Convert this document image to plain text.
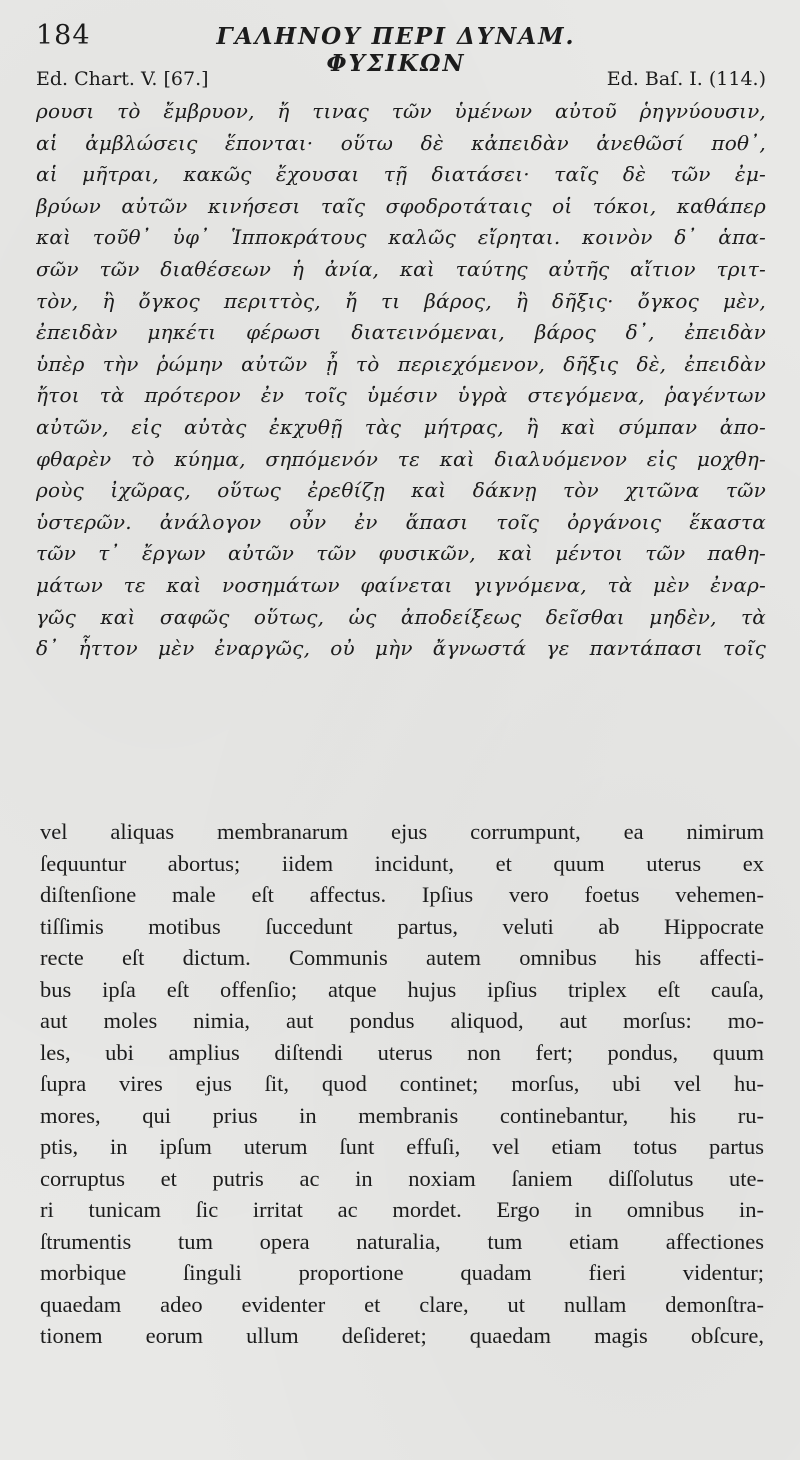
184	ΓΑΛΗΝΟΥ ΠΕΡΙ ΔΥΝΑΜ. ΦΥΣΙΚΩΝ
Ed. Chart. V. [67.]	Ed. Baſ. I. (114.)
ρουσι τὸ ἔμβρυον, ἤ τινας τῶν ὑμένων αὐτοῦ ῥηγνύουσιν,
αἱ ἀμβλώσεις ἕπονται· οὕτω δὲ κἀπειδὰν ἀνεθῶσί ποθ᾽,
αἱ μῆτραι, κακῶς ἔχουσαι τῇ διατάσει· ταῖς δὲ τῶν ἐμ-
βρύων αὐτῶν κινήσεσι ταῖς σφοδροτάταις οἱ τόκοι, καθάπερ
καὶ τοῦθ᾽ ὑφ᾽ Ἱπποκράτους καλῶς εἴρηται. κοινὸν δ᾽ ἁπα-
σῶν τῶν διαθέσεων ἡ ἀνία, καὶ ταύτης αὐτῆς αἴτιον τριτ-
τὸν, ἢ ὄγκος περιττὸς, ἤ τι βάρος, ἢ δῆξις· ὄγκος μὲν,
ἐπειδὰν μηκέτι φέρωσι διατεινόμεναι, βάρος δ᾽, ἐπειδὰν
ὑπὲρ τὴν ῥώμην αὐτῶν ᾖ τὸ περιεχόμενον, δῆξις δὲ, ἐπειδὰν
ἤτοι τὰ πρότερον ἐν τοῖς ὑμέσιν ὑγρὰ στεγόμενα, ῥαγέντων
αὐτῶν, εἰς αὐτὰς ἐκχυθῇ τὰς μήτρας, ἢ καὶ σύμπαν ἀπο-
φθαρὲν τὸ κύημα, σηπόμενόν τε καὶ διαλυόμενον εἰς μοχθη-
ροὺς ἰχῶρας, οὕτως ἐρεθίζῃ καὶ δάκνῃ τὸν χιτῶνα τῶν
ὑστερῶν. ἀνάλογον οὖν ἐν ἅπασι τοῖς ὀργάνοις ἕκαστα
τῶν τ᾽ ἔργων αὐτῶν τῶν φυσικῶν, καὶ μέντοι τῶν παθη-
μάτων τε καὶ νοσημάτων φαίνεται γιγνόμενα, τὰ μὲν ἐναρ-
γῶς καὶ σαφῶς οὕτως, ὡς ἀποδείξεως δεῖσθαι μηδὲν, τὰ
δ᾽ ἧττον μὲν ἐναργῶς, οὐ μὴν ἄγνωστά γε παντάπασι τοῖς
vel aliquas membranarum ejus corrumpunt, ea nimirum
ſequuntur abortus; iidem incidunt, et quum uterus ex
diſtenſione male eſt affectus. Ipſius vero foetus vehemen-
tiſſimis motibus ſuccedunt partus, veluti ab Hippocrate
recte eſt dictum. Communis autem omnibus his affecti-
bus ipſa eſt offenſio; atque hujus ipſius triplex eſt cauſa,
aut moles nimia, aut pondus aliquod, aut morſus: mo-
les, ubi amplius diſtendi uterus non fert; pondus, quum
ſupra vires ejus ſit, quod continet; morſus, ubi vel hu-
mores, qui prius in membranis continebantur, his ru-
ptis, in ipſum uterum ſunt effuſi, vel etiam totus partus
corruptus et putris ac in noxiam ſaniem diſſolutus ute-
ri tunicam ſic irritat ac mordet. Ergo in omnibus in-
ſtrumentis tum opera naturalia, tum etiam affectiones
morbique ſinguli proportione quadam fieri videntur;
quaedam adeo evidenter et clare, ut nullam demonſtra-
tionem eorum ullum deſideret; quaedam magis obſcure,
